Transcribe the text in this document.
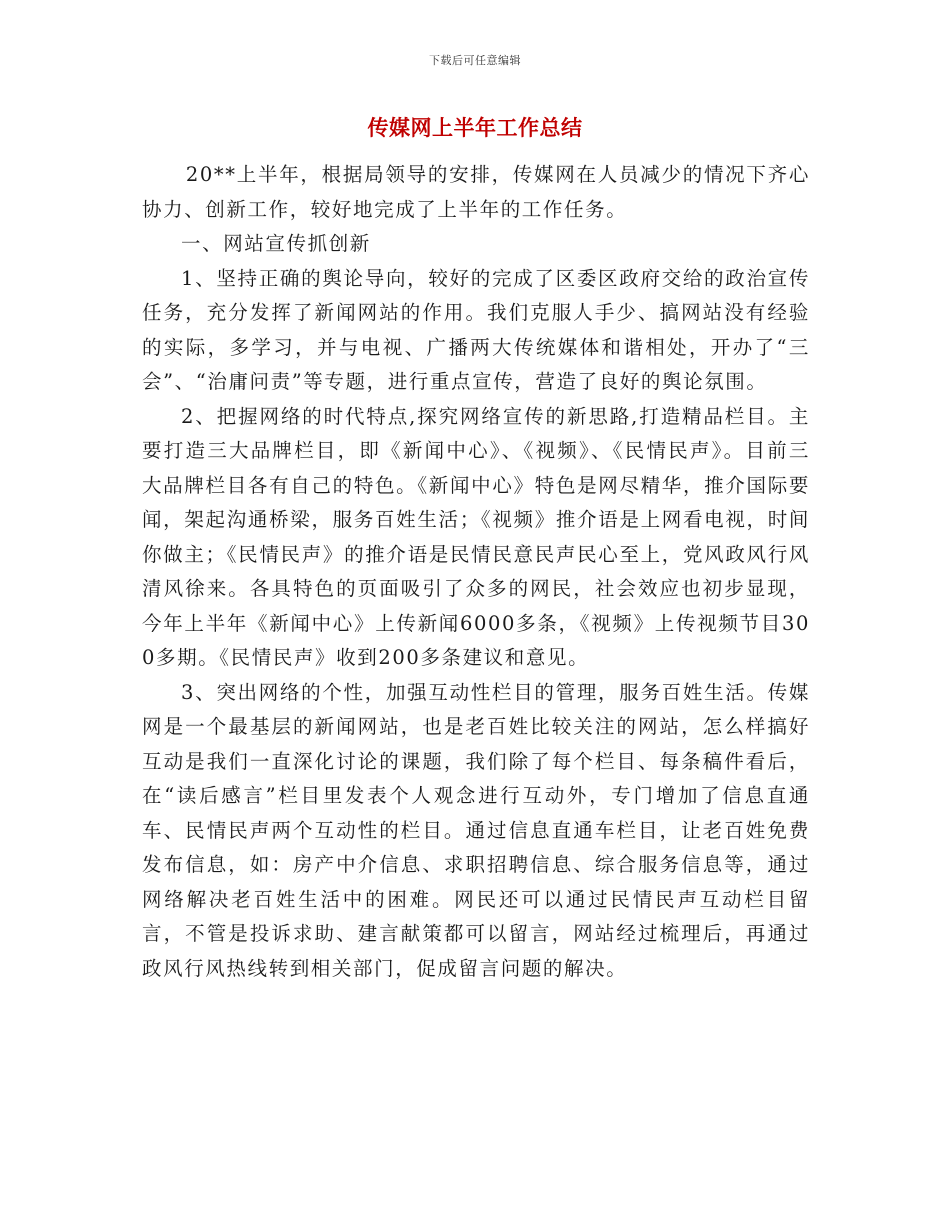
下载后可任意编辑
传媒网上半年工作总结

20**上半年，根据局领导的安排，传媒网在人员减少的情况下齐心协力、创新工作，较好地完成了上半年的工作任务。

一、网站宣传抓创新

1、坚持正确的舆论导向，较好的完成了区委区政府交给的政治宣传任务，充分发挥了新闻网站的作用。我们克服人手少、搞网站没有经验的实际，多学习，并与电视、广播两大传统媒体和谐相处，开办了“三会”、“治庸问责”等专题，进行重点宣传，营造了良好的舆论氛围。

2、把握网络的时代特点,探究网络宣传的新思路,打造精品栏目。主要打造三大品牌栏目，即《新闻中心》、《视频》、《民情民声》。目前三大品牌栏目各有自己的特色。《新闻中心》特色是网尽精华，推介国际要闻，架起沟通桥梁，服务百姓生活；《视频》推介语是上网看电视，时间你做主；《民情民声》的推介语是民情民意民声民心至上，党风政风行风清风徐来。各具特色的页面吸引了众多的网民，社会效应也初步显现，今年上半年《新闻中心》上传新闻6000多条，《视频》上传视频节目300多期。《民情民声》收到200多条建议和意见。

3、突出网络的个性，加强互动性栏目的管理，服务百姓生活。传媒网是一个最基层的新闻网站，也是老百姓比较关注的网站，怎么样搞好互动是我们一直深化讨论的课题，我们除了每个栏目、每条稿件看后，在“读后感言”栏目里发表个人观念进行互动外，专门增加了信息直通车、民情民声两个互动性的栏目。通过信息直通车栏目，让老百姓免费发布信息，如：房产中介信息、求职招聘信息、综合服务信息等，通过网络解决老百姓生活中的困难。网民还可以通过民情民声互动栏目留言，不管是投诉求助、建言献策都可以留言，网站经过梳理后，再通过政风行风热线转到相关部门，促成留言问题的解决。
